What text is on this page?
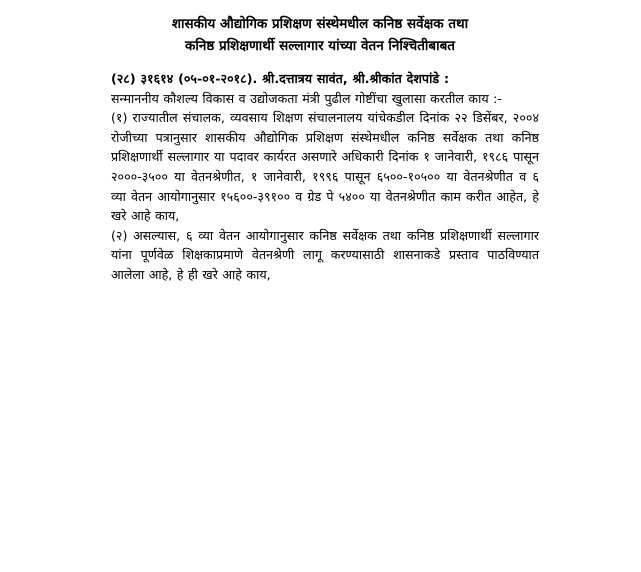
शासकीय औद्योगिक प्रशिक्षण संस्थेमधील कनिष्ठ सर्वेक्षक तथा
कनिष्ठ प्रशिक्षणार्थी सल्लागार यांच्या वेतन निश्चितीबाबत

(२८) ३१६१४ (०५-०१-२०१८). श्री.दत्तात्रय सावंत, श्री.श्रीकांत देशपांडे :

सन्माननीय कौशल्य विकास व उद्योजकता मंत्री पुढील गोष्टींचा खुलासा करतील काय :-

(१) राज्यातील संचालक, व्यवसाय शिक्षण संचालनालय यांचेकडील दिनांक २२ डिसेंबर, २००४ रोजीच्या पत्रानुसार शासकीय औद्योगिक प्रशिक्षण संस्थेमधील कनिष्ठ सर्वेक्षक तथा कनिष्ठ प्रशिक्षणार्थी सल्लागार या पदावर कार्यरत असणारे अधिकारी दिनांक १ जानेवारी, १९८६ पासून २०००-३५०० या वेतनश्रेणीत, १ जानेवारी, १९९६ पासून ६५००-१०५०० या वेतनश्रेणीत व ६ व्या वेतन आयोगानुसार १५६००-३९१०० व ग्रेड पे ५४०० या वेतनश्रेणीत काम करीत आहेत, हे खरे आहे काय,

(२) असल्यास, ६ व्या वेतन आयोगानुसार कनिष्ठ सर्वेक्षक तथा कनिष्ठ प्रशिक्षणार्थी सल्लागार यांना पूर्णवेळ शिक्षकाप्रमाणे वेतनश्रेणी लागू करण्यासाठी शासनाकडे प्रस्ताव पाठविण्यात आलेला आहे, हे ही खरे आहे काय,
